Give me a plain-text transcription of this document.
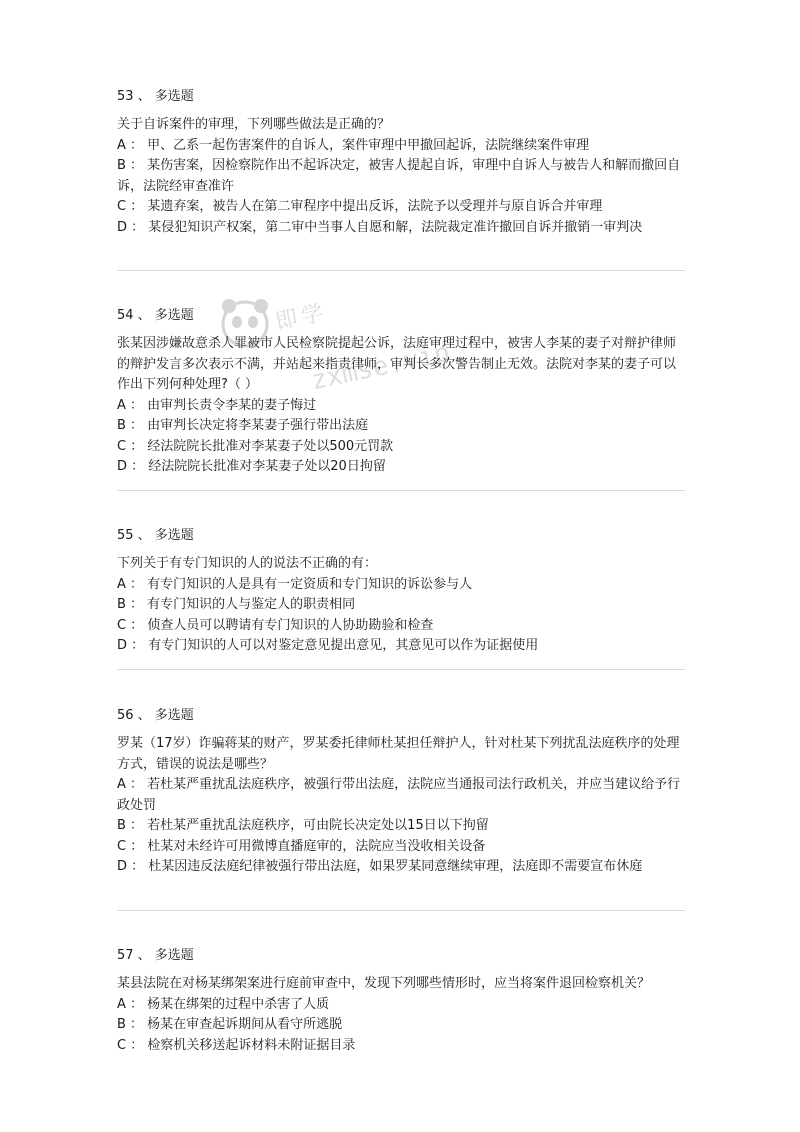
即学
zxmse.vip
53 、 多选题

关于自诉案件的审理，下列哪些做法是正确的？

A ： 甲、乙系一起伤害案件的自诉人，案件审理中甲撤回起诉，法院继续案件审理

B ： 某伤害案，因检察院作出不起诉决定，被害人提起自诉，审理中自诉人与被告人和解而撤回自诉，法院经审查准许

C ： 某遗弃案，被告人在第二审程序中提出反诉，法院予以受理并与原自诉合并审理

D ： 某侵犯知识产权案，第二审中当事人自愿和解，法院裁定准许撤回自诉并撤销一审判决

54 、 多选题

张某因涉嫌故意杀人罪被市人民检察院提起公诉，法庭审理过程中，被害人李某的妻子对辩护律师的辩护发言多次表示不满，并站起来指责律师，审判长多次警告制止无效。法院对李某的妻子可以作出下列何种处理?（ ）

A ： 由审判长责令李某的妻子悔过

B ： 由审判长决定将李某妻子强行带出法庭

C ： 经法院院长批准对李某妻子处以500元罚款

D ： 经法院院长批准对李某妻子处以20日拘留

55 、 多选题

下列关于有专门知识的人的说法不正确的有：

A ： 有专门知识的人是具有一定资质和专门知识的诉讼参与人

B ： 有专门知识的人与鉴定人的职责相同

C ： 侦查人员可以聘请有专门知识的人协助勘验和检查

D ： 有专门知识的人可以对鉴定意见提出意见，其意见可以作为证据使用

56 、 多选题

罗某（17岁）诈骗蒋某的财产，罗某委托律师杜某担任辩护人，针对杜某下列扰乱法庭秩序的处理方式，错误的说法是哪些？

A ： 若杜某严重扰乱法庭秩序，被强行带出法庭，法院应当通报司法行政机关，并应当建议给予行政处罚

B ： 若杜某严重扰乱法庭秩序，可由院长决定处以15日以下拘留

C ： 杜某对未经许可用微博直播庭审的，法院应当没收相关设备

D ： 杜某因违反法庭纪律被强行带出法庭，如果罗某同意继续审理，法庭即不需要宣布休庭

57 、 多选题

某县法院在对杨某绑架案进行庭前审查中，发现下列哪些情形时，应当将案件退回检察机关？

A ： 杨某在绑架的过程中杀害了人质

B ： 杨某在审查起诉期间从看守所逃脱

C ： 检察机关移送起诉材料未附证据目录
